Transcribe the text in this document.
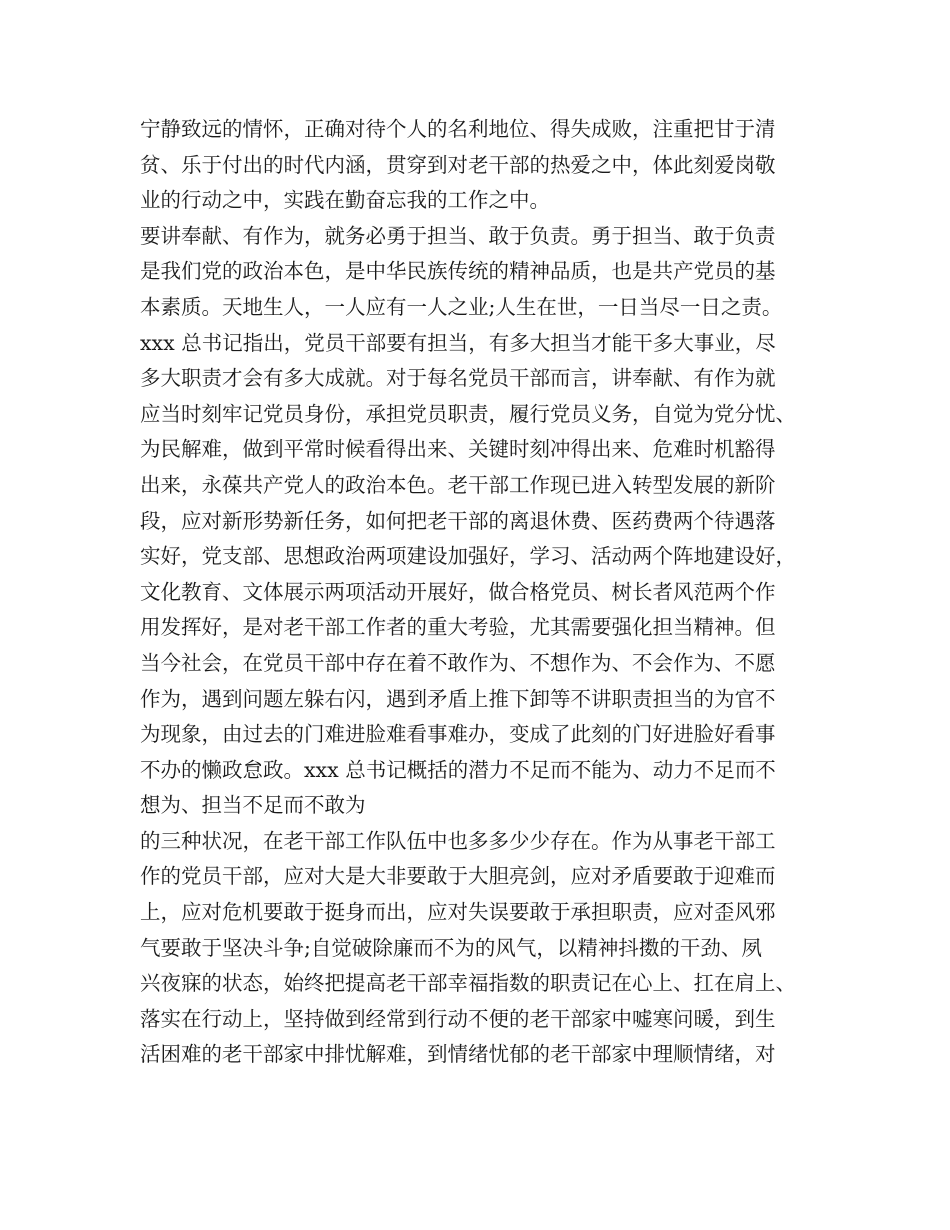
宁静致远的情怀，正确对待个人的名利地位、得失成败，注重把甘于清
贫、乐于付出的时代内涵，贯穿到对老干部的热爱之中，体此刻爱岗敬
业的行动之中，实践在勤奋忘我的工作之中。
要讲奉献、有作为，就务必勇于担当、敢于负责。勇于担当、敢于负责
是我们党的政治本色，是中华民族传统的精神品质，也是共产党员的基
本素质。天地生人，一人应有一人之业;人生在世，一日当尽一日之责。
xxx 总书记指出，党员干部要有担当，有多大担当才能干多大事业，尽
多大职责才会有多大成就。对于每名党员干部而言，讲奉献、有作为就
应当时刻牢记党员身份，承担党员职责，履行党员义务，自觉为党分忧、
为民解难，做到平常时候看得出来、关键时刻冲得出来、危难时机豁得
出来，永葆共产党人的政治本色。老干部工作现已进入转型发展的新阶
段，应对新形势新任务，如何把老干部的离退休费、医药费两个待遇落
实好，党支部、思想政治两项建设加强好，学习、活动两个阵地建设好，
文化教育、文体展示两项活动开展好，做合格党员、树长者风范两个作
用发挥好，是对老干部工作者的重大考验，尤其需要强化担当精神。但
当今社会，在党员干部中存在着不敢作为、不想作为、不会作为、不愿
作为，遇到问题左躲右闪，遇到矛盾上推下卸等不讲职责担当的为官不
为现象，由过去的门难进脸难看事难办，变成了此刻的门好进脸好看事
不办的懒政怠政。xxx 总书记概括的潜力不足而不能为、动力不足而不
想为、担当不足而不敢为
的三种状况，在老干部工作队伍中也多多少少存在。作为从事老干部工
作的党员干部，应对大是大非要敢于大胆亮剑，应对矛盾要敢于迎难而
上，应对危机要敢于挺身而出，应对失误要敢于承担职责，应对歪风邪
气要敢于坚决斗争;自觉破除廉而不为的风气，以精神抖擞的干劲、夙
兴夜寐的状态，始终把提高老干部幸福指数的职责记在心上、扛在肩上、
落实在行动上，坚持做到经常到行动不便的老干部家中嘘寒问暖，到生
活困难的老干部家中排忧解难，到情绪忧郁的老干部家中理顺情绪，对
